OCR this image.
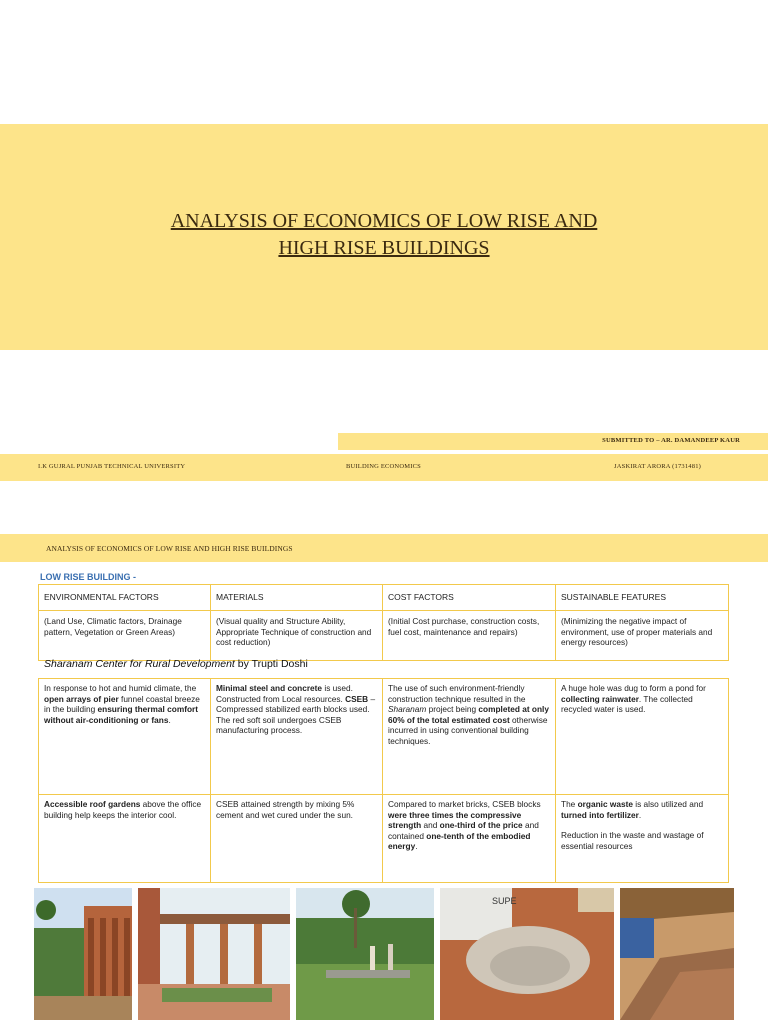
ANALYSIS OF ECONOMICS OF LOW RISE AND
HIGH RISE BUILDINGS
SUBMITTED TO – AR. DAMANDEEP KAUR
I.K GUJRAL PUNJAB TECHNICAL UNIVERSITY	BUILDING ECONOMICS	JASKIRAT ARORA (1731481)
ANALYSIS OF ECONOMICS OF LOW RISE AND HIGH RISE BUILDINGS
LOW RISE BUILDING -
ENVIRONMENTAL FACTORS	MATERIALS	COST FACTORS	SUSTAINABLE FEATURES
(Land Use, Climatic factors, Drainage pattern, Vegetation or Green Areas)	(Visual quality and Structure Ability, Appropriate Technique of construction and cost reduction)	(Initial Cost purchase, construction costs, fuel cost, maintenance and repairs)	(Minimizing the negative impact of environment, use of proper materials and energy resources)
Sharanam Center for Rural Development by Trupti Doshi
In response to hot and humid climate, the open arrays of pier funnel coastal breeze in the building ensuring thermal comfort without air-conditioning or fans.	Minimal steel and concrete is used. Constructed from Local resources. CSEB – Compressed stabilized earth blocks used. The red soft soil undergoes CSEB manufacturing process.	The use of such environment-friendly construction technique resulted in the Sharanam project being completed at only 60% of the total estimated cost otherwise incurred in using conventional building techniques.	A huge hole was dug to form a pond for collecting rainwater. The collected recycled water is used.
Accessible roof gardens above the office building help keeps the interior cool.	CSEB attained strength by mixing 5% cement and wet cured under the sun.	Compared to market bricks, CSEB blocks were three times the compressive strength and one-third of the price and contained one-tenth of the embodied energy.	The organic waste is also utilized and turned into fertilizer.
Reduction in the waste and wastage of essential resources
SUPE
